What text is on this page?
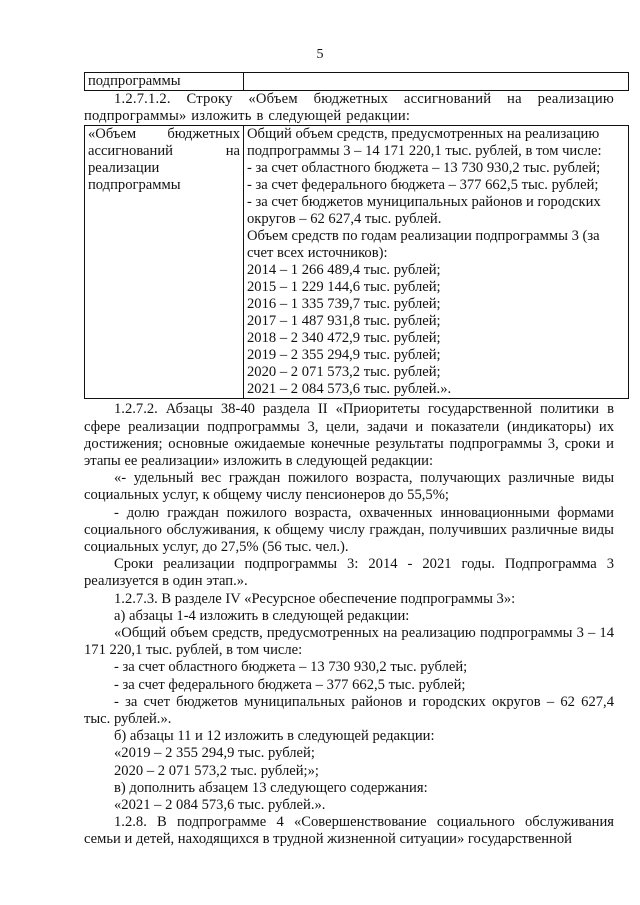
5
подпрограммы	

1.2.7.1.2. Строку «Объем бюджетных ассигнований на реализацию подпрограммы» изложить в следующей редакции:

«Объем бюджетных
ассигнований на
реализации
подпрограммы

Общий объем средств, предусмотренных на реализацию
подпрограммы 3 – 14 171 220,1 тыс. рублей, в том числе:
- за счет областного бюджета – 13 730 930,2 тыс. рублей;
- за счет федерального бюджета – 377 662,5 тыс. рублей;
- за счет бюджетов муниципальных районов и городских
округов – 62 627,4 тыс. рублей.
Объем средств по годам реализации подпрограммы 3 (за
счет всех источников):
2014 – 1 266 489,4 тыс. рублей;
2015 – 1 229 144,6 тыс. рублей;
2016 – 1 335 739,7 тыс. рублей;
2017 – 1 487 931,8 тыс. рублей;
2018 – 2 340 472,9 тыс. рублей;
2019 – 2 355 294,9 тыс. рублей;
2020 – 2 071 573,2 тыс. рублей;
2021 – 2 084 573,6 тыс. рублей.».

1.2.7.2. Абзацы 38-40 раздела II «Приоритеты государственной политики в сфере реализации подпрограммы 3, цели, задачи и показатели (индикаторы) их достижения; основные ожидаемые конечные результаты подпрограммы 3, сроки и этапы ее реализации» изложить в следующей редакции:

«- удельный вес граждан пожилого возраста, получающих различные виды социальных услуг, к общему числу пенсионеров до 55,5%;

- долю граждан пожилого возраста, охваченных инновационными формами социального обслуживания, к общему числу граждан, получивших различные виды социальных услуг, до 27,5% (56 тыс. чел.).

Сроки реализации подпрограммы 3: 2014 - 2021 годы. Подпрограмма 3 реализуется в один этап.».

1.2.7.3. В разделе IV «Ресурсное обеспечение подпрограммы 3»:

а) абзацы 1-4 изложить в следующей редакции:

«Общий объем средств, предусмотренных на реализацию подпрограммы 3 – 14 171 220,1 тыс. рублей, в том числе:

- за счет областного бюджета – 13 730 930,2 тыс. рублей;

- за счет федерального бюджета – 377 662,5 тыс. рублей;

- за счет бюджетов муниципальных районов и городских округов – 62 627,4 тыс. рублей.».

б) абзацы 11 и 12 изложить в следующей редакции:

«2019 – 2 355 294,9 тыс. рублей;

2020 – 2 071 573,2 тыс. рублей;»;

в) дополнить абзацем 13 следующего содержания:

«2021 – 2 084 573,6 тыс. рублей.».

1.2.8. В подпрограмме 4 «Совершенствование социального обслуживания семьи и детей, находящихся в трудной жизненной ситуации» государственной
